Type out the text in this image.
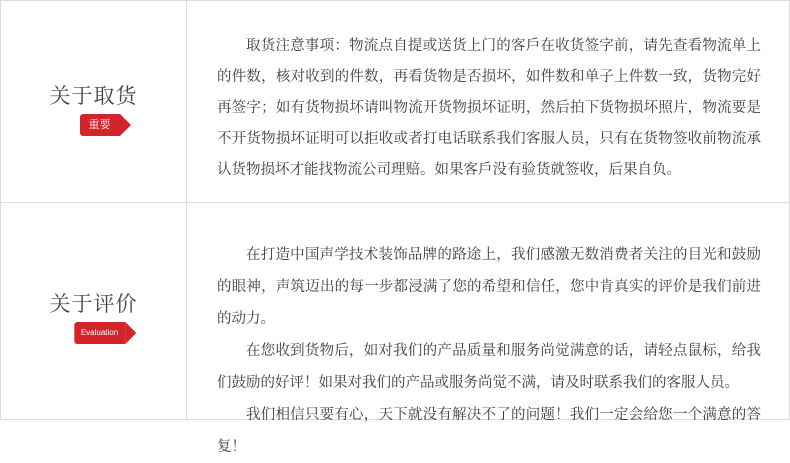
关于取货
重要

取货注意事项：物流点自提或送货上门的客戶在收货签字前，请先查看物流单上的件数，核对收到的件数，再看货物是否损坏，如件数和单子上件数一致，货物完好再签字；如有货物损坏请叫物流开货物损坏证明，然后拍下货物损坏照片，物流要是不开货物损坏证明可以拒收或者打电话联系我们客服人员，只有在货物签收前物流承认货物损坏才能找物流公司理赔。如果客戶没有验货就签收，后果自负。

关于评价
Evaluation

在打造中国声学技术装饰品牌的路途上，我们感激无数消费者关注的目光和鼓励的眼神，声筑迈出的每一步都浸满了您的希望和信任，您中肯真实的评价是我们前进的动力。

在您收到货物后，如对我们的产品质量和服务尚觉满意的话，请轻点鼠标，给我们鼓励的好评！如果对我们的产品或服务尚觉不满，请及时联系我们的客服人员。

我们相信只要有心，天下就没有解决不了的问题！我们一定会给您一个满意的答复！
